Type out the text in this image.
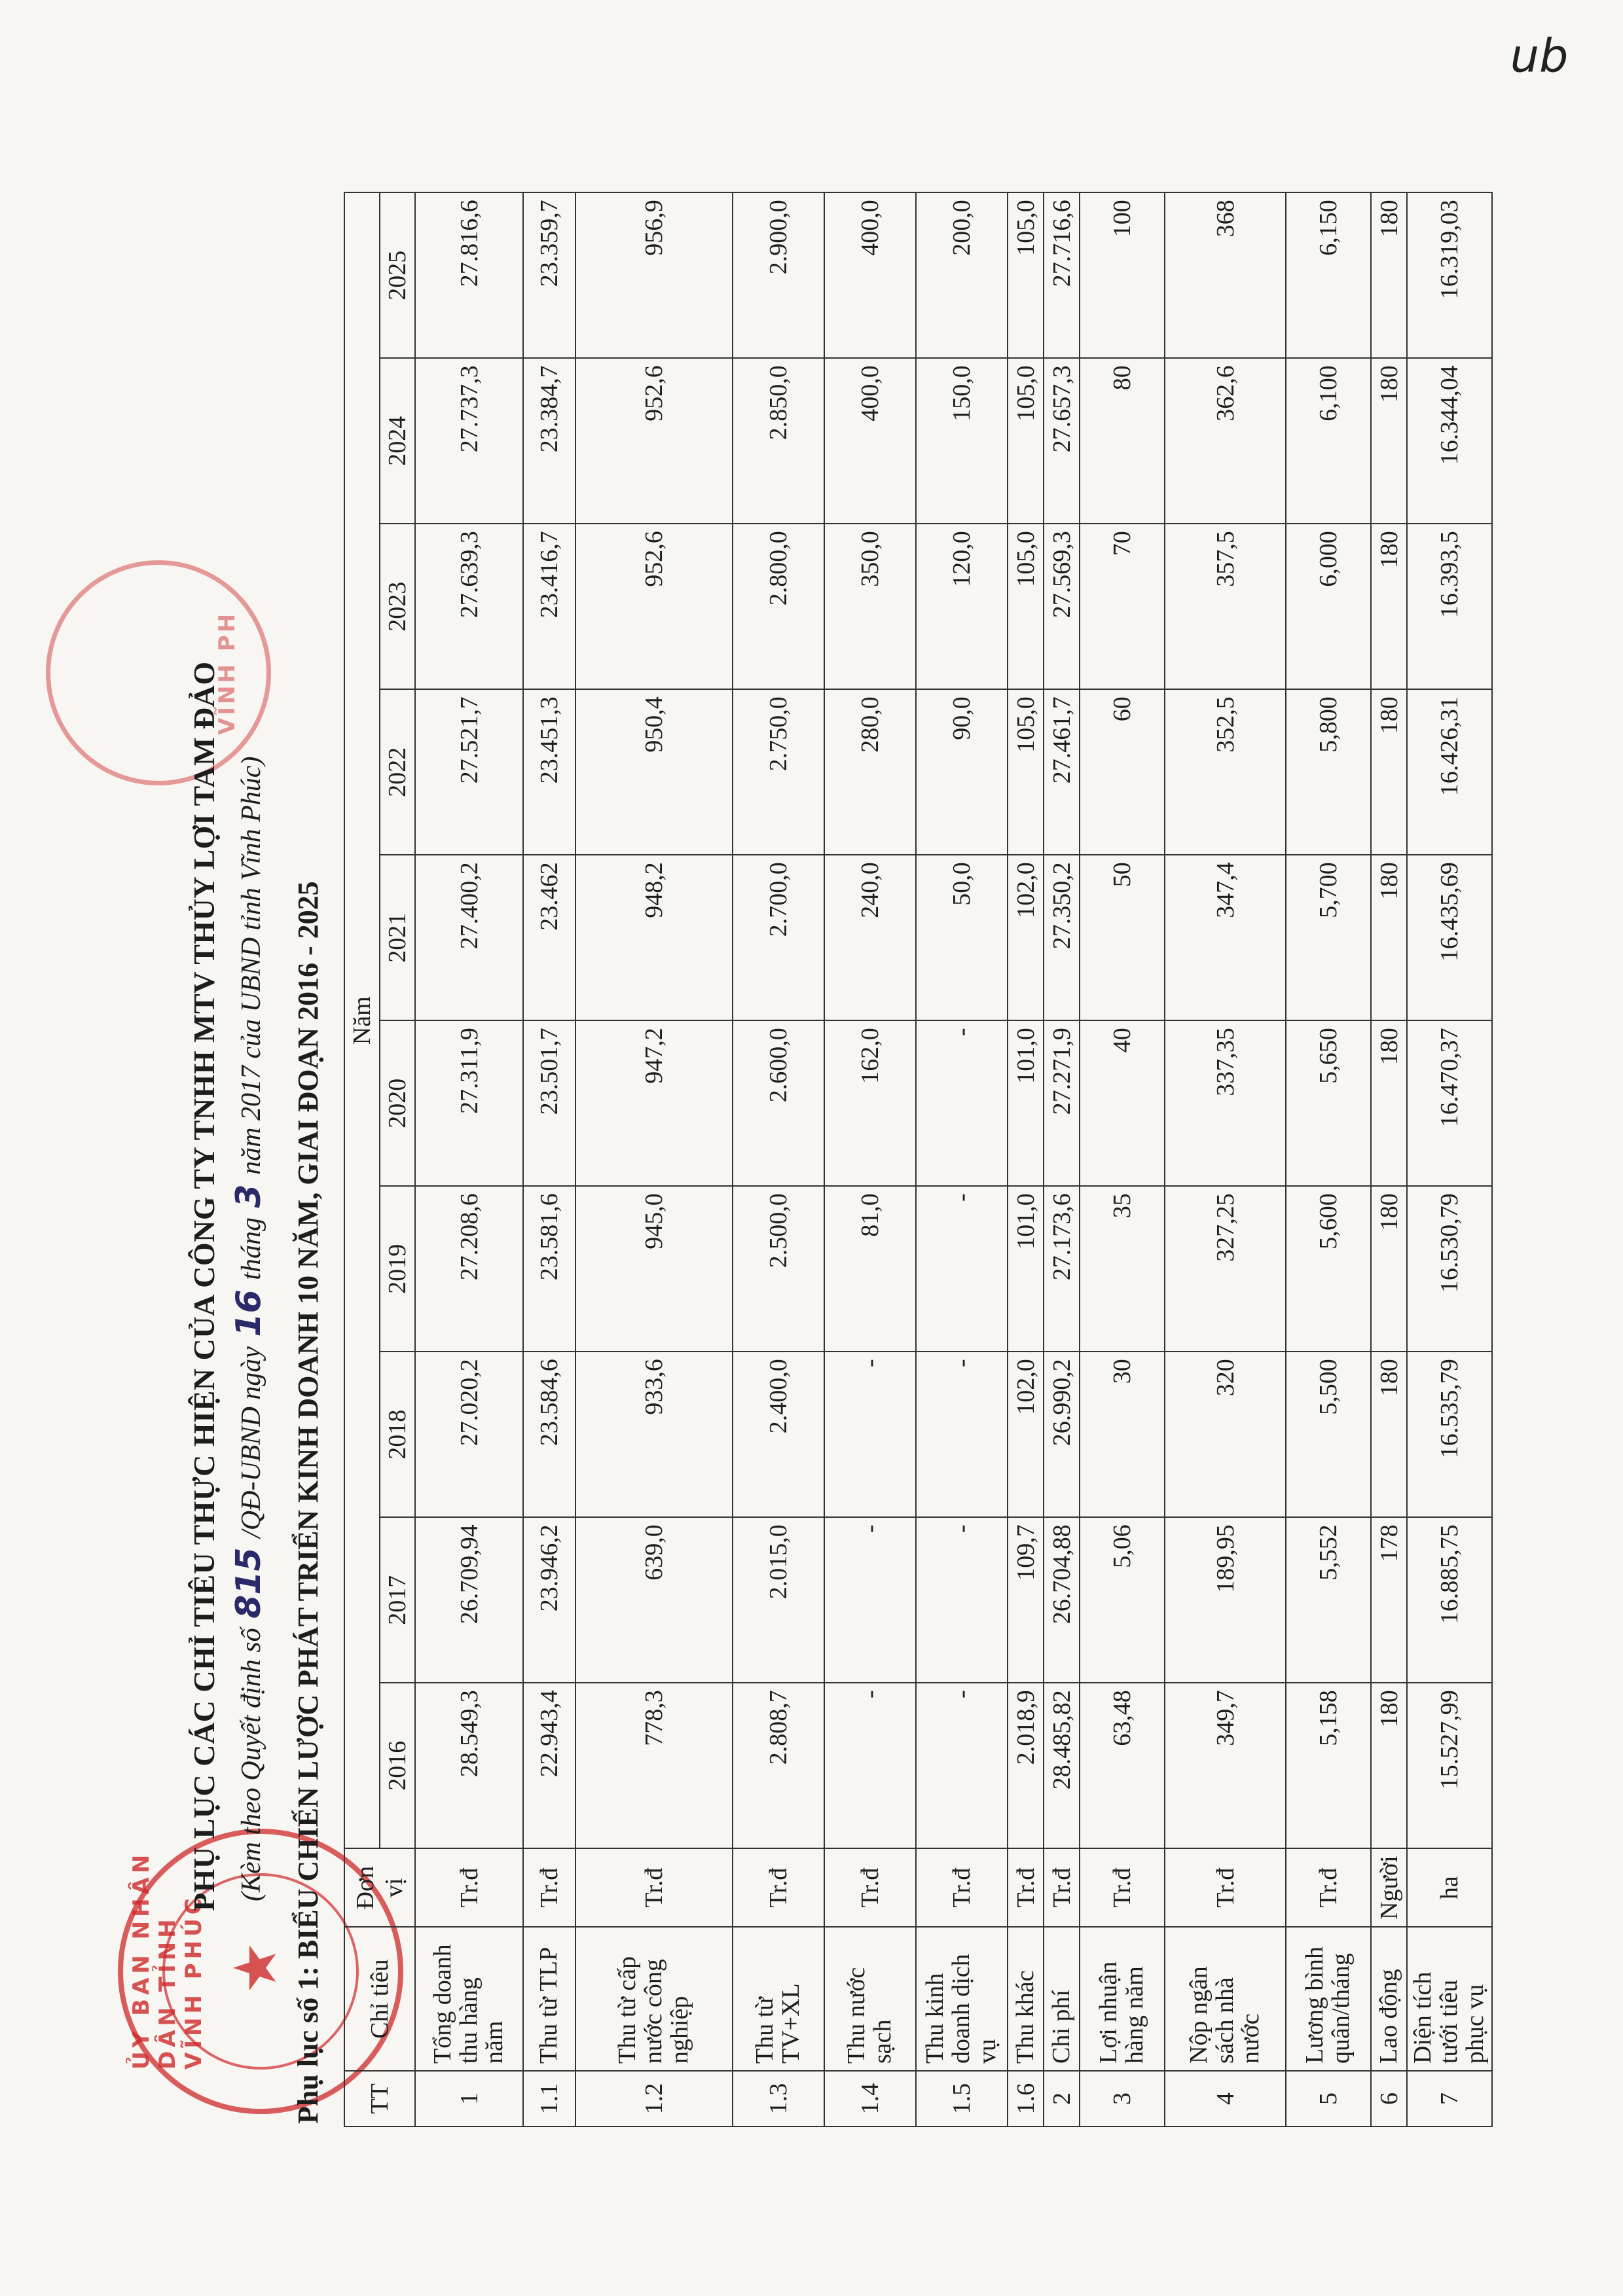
ỦY BAN NHÂN DÂN TỈNH VĨNH PHÚC ★
VĨNH PH
PHỤ LỤC CÁC CHỈ TIÊU THỰC HIỆN CỦA CÔNG TY TNHH MTV THỦY LỢI TAM ĐẢO (Kèm theo Quyết định số 815 /QĐ-UBND ngày 16 tháng 3 năm 2017 của UBND tỉnh Vĩnh Phúc) Phụ lục số 1: BIỂU CHIẾN LƯỢC PHÁT TRIỂN KINH DOANH 10 NĂM, GIAI ĐOẠN 2016 - 2025 TT	Chỉ tiêu	Đơn vị	Năm									
			2016	2017	2018	2019	2020	2021	2022	2023	2024	2025
1	Tổng doanh thu hàng năm	Tr.đ	28.549,3	26.709,94	27.020,2	27.208,6	27.311,9	27.400,2	27.521,7	27.639,3	27.737,3	27.816,6
1.1	Thu từ TLP	Tr.đ	22.943,4	23.946,2	23.584,6	23.581,6	23.501,7	23.462	23.451,3	23.416,7	23.384,7	23.359,7
1.2	Thu từ cấp nước công nghiệp	Tr.đ	778,3	639,0	933,6	945,0	947,2	948,2	950,4	952,6	952,6	956,9
1.3	Thu từ TV+XL	Tr.đ	2.808,7	2.015,0	2.400,0	2.500,0	2.600,0	2.700,0	2.750,0	2.800,0	2.850,0	2.900,0
1.4	Thu nước sạch	Tr.đ	-	-	-	81,0	162,0	240,0	280,0	350,0	400,0	400,0
1.5	Thu kinh doanh dịch vụ	Tr.đ	-	-	-	-	-	50,0	90,0	120,0	150,0	200,0
1.6	Thu khác	Tr.đ	2.018,9	109,7	102,0	101,0	101,0	102,0	105,0	105,0	105,0	105,0
2	Chi phí	Tr.đ	28.485,82	26.704,88	26.990,2	27.173,6	27.271,9	27.350,2	27.461,7	27.569,3	27.657,3	27.716,6
3	Lợi nhuận hàng năm	Tr.đ	63,48	5,06	30	35	40	50	60	70	80	100
4	Nộp ngân sách nhà nước	Tr.đ	349,7	189,95	320	327,25	337,35	347,4	352,5	357,5	362,6	368
5	Lương bình quân/tháng	Tr.đ	5,158	5,552	5,500	5,600	5,650	5,700	5,800	6,000	6,100	6,150
6	Lao động	Người	180	178	180	180	180	180	180	180	180	180
7	Diện tích tưới tiêu phục vụ	ha	15.527,99	16.885,75	16.535,79	16.530,79	16.470,37	16.435,69	16.426,31	16.393,5	16.344,04	16.319,03
ub
